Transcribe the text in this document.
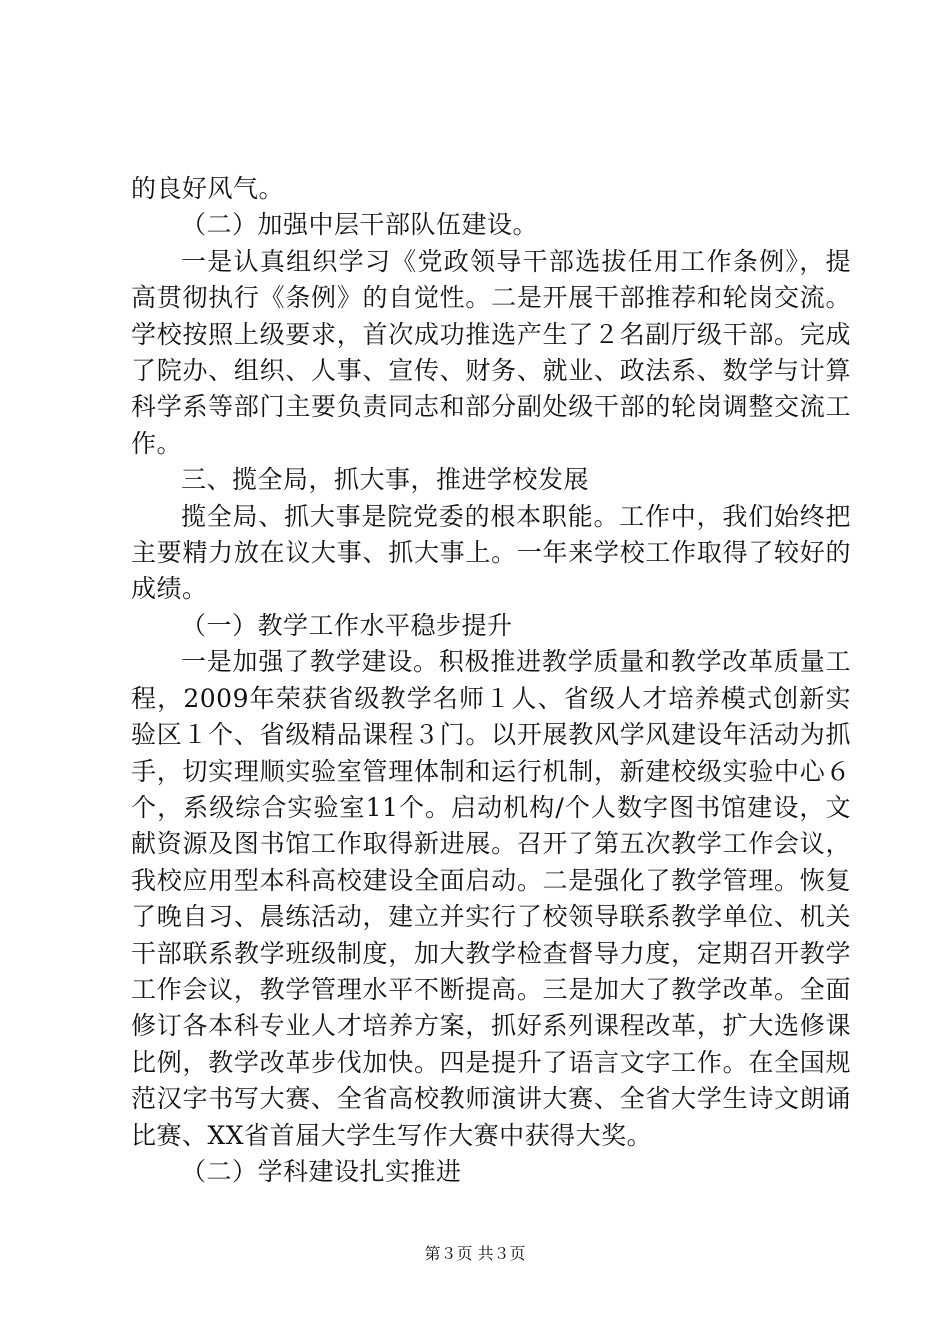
的良好风气。

（二）加强中层干部队伍建设。

一是认真组织学习《党政领导干部选拔任用工作条例》，提高贯彻执行《条例》的自觉性。二是开展干部推荐和轮岗交流。学校按照上级要求，首次成功推选产生了２名副厅级干部。完成了院办、组织、人事、宣传、财务、就业、政法系、数学与计算科学系等部门主要负责同志和部分副处级干部的轮岗调整交流工作。

三、揽全局，抓大事，推进学校发展

揽全局、抓大事是院党委的根本职能。工作中，我们始终把主要精力放在议大事、抓大事上。一年来学校工作取得了较好的成绩。

（一）教学工作水平稳步提升

一是加强了教学建设。积极推进教学质量和教学改革质量工程，2009年荣获省级教学名师１人、省级人才培养模式创新实验区１个、省级精品课程３门。以开展教风学风建设年活动为抓手，切实理顺实验室管理体制和运行机制，新建校级实验中心６个，系级综合实验室11个。启动机构/个人数字图书馆建设，文献资源及图书馆工作取得新进展。召开了第五次教学工作会议，我校应用型本科高校建设全面启动。二是强化了教学管理。恢复了晚自习、晨练活动，建立并实行了校领导联系教学单位、机关干部联系教学班级制度，加大教学检查督导力度，定期召开教学工作会议，教学管理水平不断提高。三是加大了教学改革。全面修订各本科专业人才培养方案，抓好系列课程改革，扩大选修课比例，教学改革步伐加快。四是提升了语言文字工作。在全国规范汉字书写大赛、全省高校教师演讲大赛、全省大学生诗文朗诵比赛、XX省首届大学生写作大赛中获得大奖。

（二）学科建设扎实推进

第３页 共３页
